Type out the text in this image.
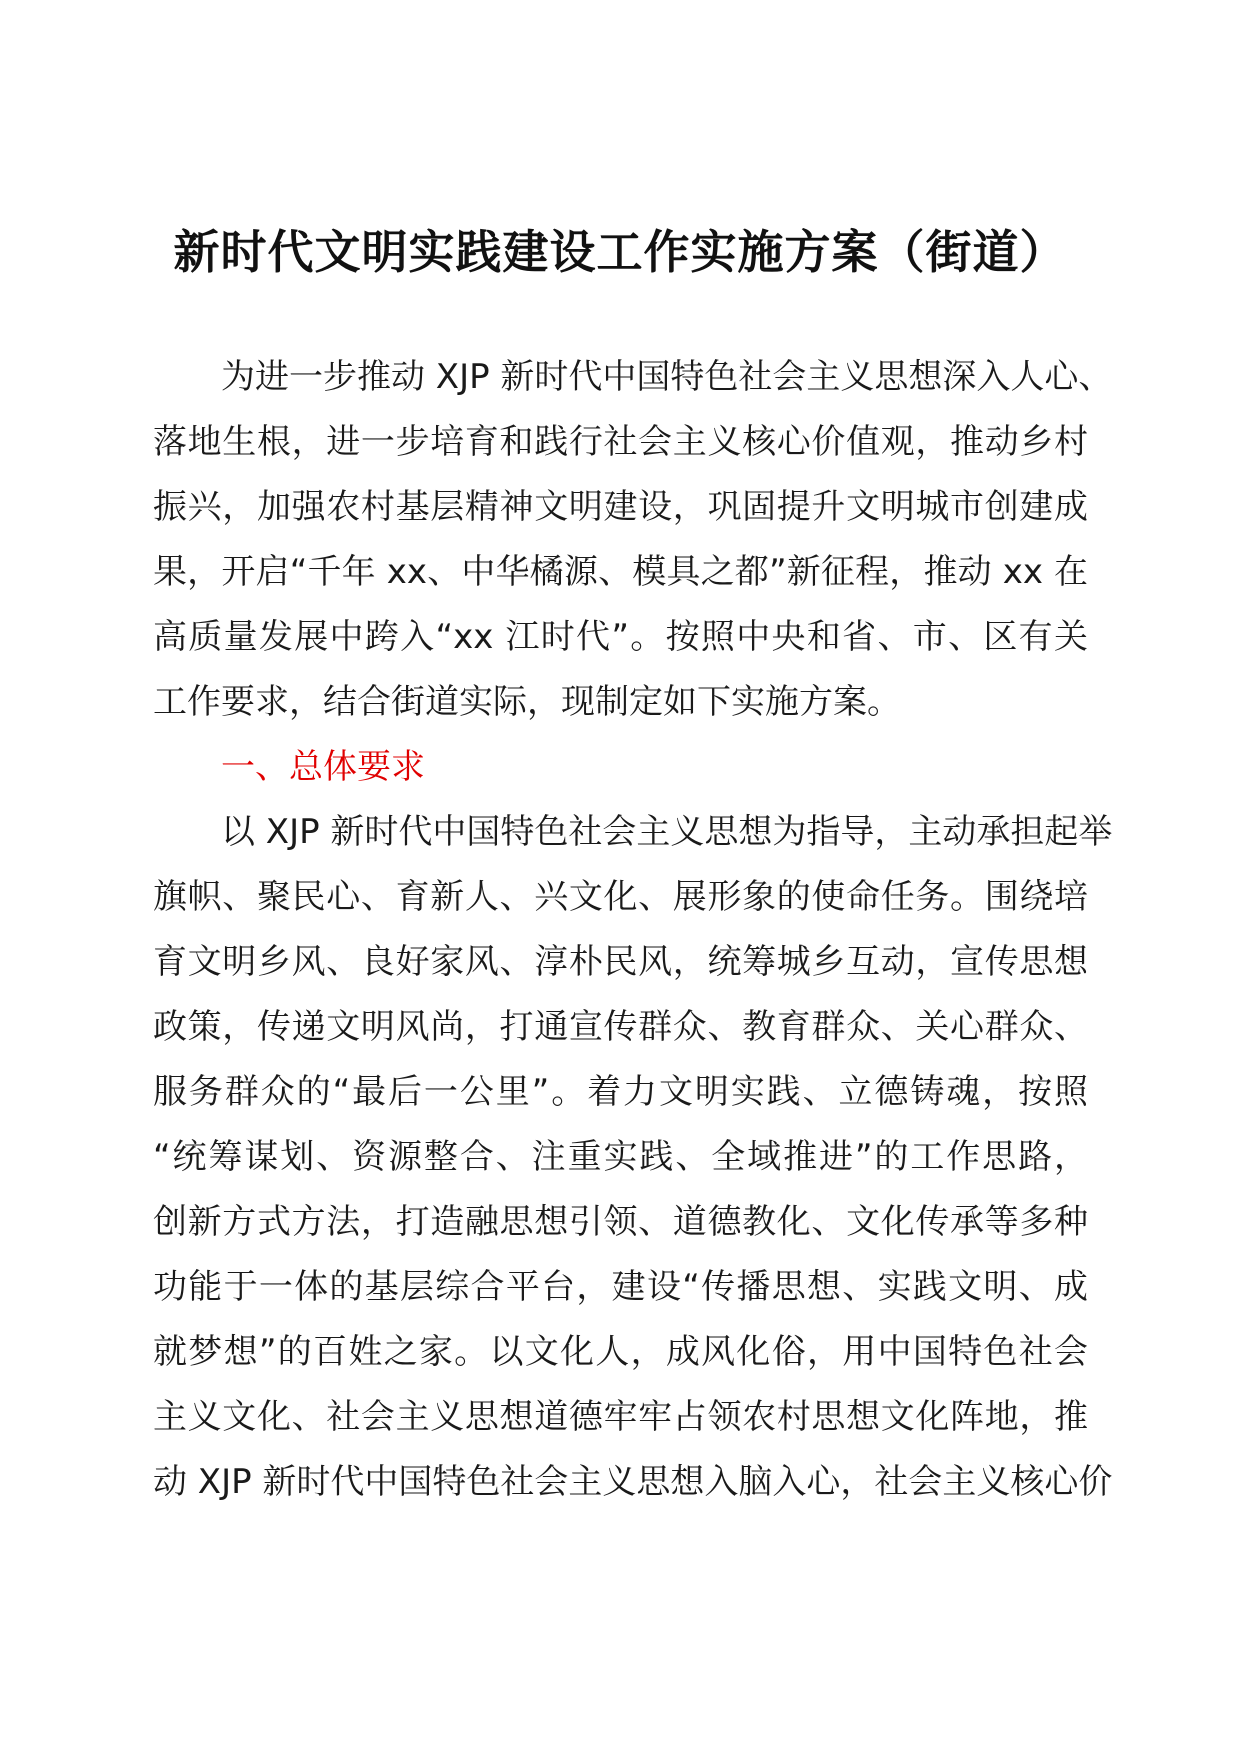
新时代文明实践建设工作实施方案（街道）
为进一步推动 XJP 新时代中国特色社会主义思想深入人心、
落地生根，进一步培育和践行社会主义核心价值观，推动乡村
振兴，加强农村基层精神文明建设，巩固提升文明城市创建成
果，开启“千年 xx、中华橘源、模具之都”新征程，推动 xx 在
高质量发展中跨入“xx 江时代”。按照中央和省、市、区有关
工作要求，结合街道实际，现制定如下实施方案。
一、总体要求
以 XJP 新时代中国特色社会主义思想为指导，主动承担起举
旗帜、聚民心、育新人、兴文化、展形象的使命任务。围绕培
育文明乡风、良好家风、淳朴民风，统筹城乡互动，宣传思想
政策，传递文明风尚，打通宣传群众、教育群众、关心群众、
服务群众的“最后一公里”。着力文明实践、立德铸魂，按照
“统筹谋划、资源整合、注重实践、全域推进”的工作思路，
创新方式方法，打造融思想引领、道德教化、文化传承等多种
功能于一体的基层综合平台，建设“传播思想、实践文明、成
就梦想”的百姓之家。以文化人，成风化俗，用中国特色社会
主义文化、社会主义思想道德牢牢占领农村思想文化阵地，推
动 XJP 新时代中国特色社会主义思想入脑入心，社会主义核心价
